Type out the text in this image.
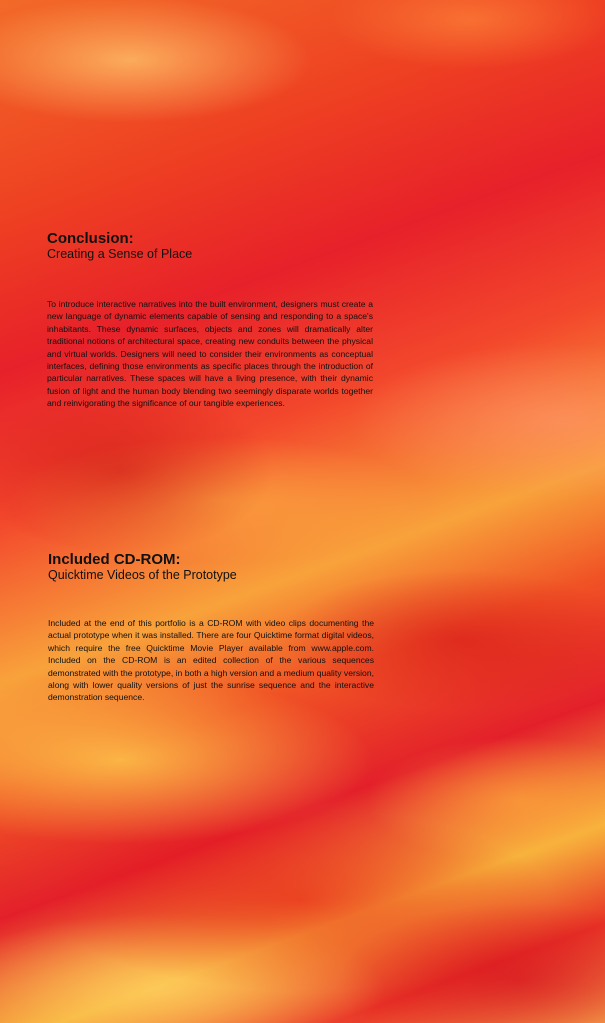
Conclusion:

Creating a Sense of Place

To introduce interactive narratives into the built environment, designers must create a new language of dynamic elements capable of sensing and responding to a space's inhabitants. These dynamic surfaces, objects and zones will dramatically alter traditional notions of architectural space, creating new conduits between the physical and virtual worlds. Designers will need to consider their environments as conceptual interfaces, defining those environments as specific places through the introduction of particular narratives. These spaces will have a living presence, with their dynamic fusion of light and the human body blending two seemingly disparate worlds together and reinvigorating the significance of our tangible experiences.

Included CD-ROM:

Quicktime Videos of the Prototype

Included at the end of this portfolio is a CD-ROM with video clips documenting the actual prototype when it was installed. There are four Quicktime format digital videos, which require the free Quicktime Movie Player available from www.apple.com. Included on the CD-ROM is an edited collection of the various sequences demonstrated with the prototype, in both a high version and a medium quality version, along with lower quality versions of just the sunrise sequence and the interactive demonstration sequence.
